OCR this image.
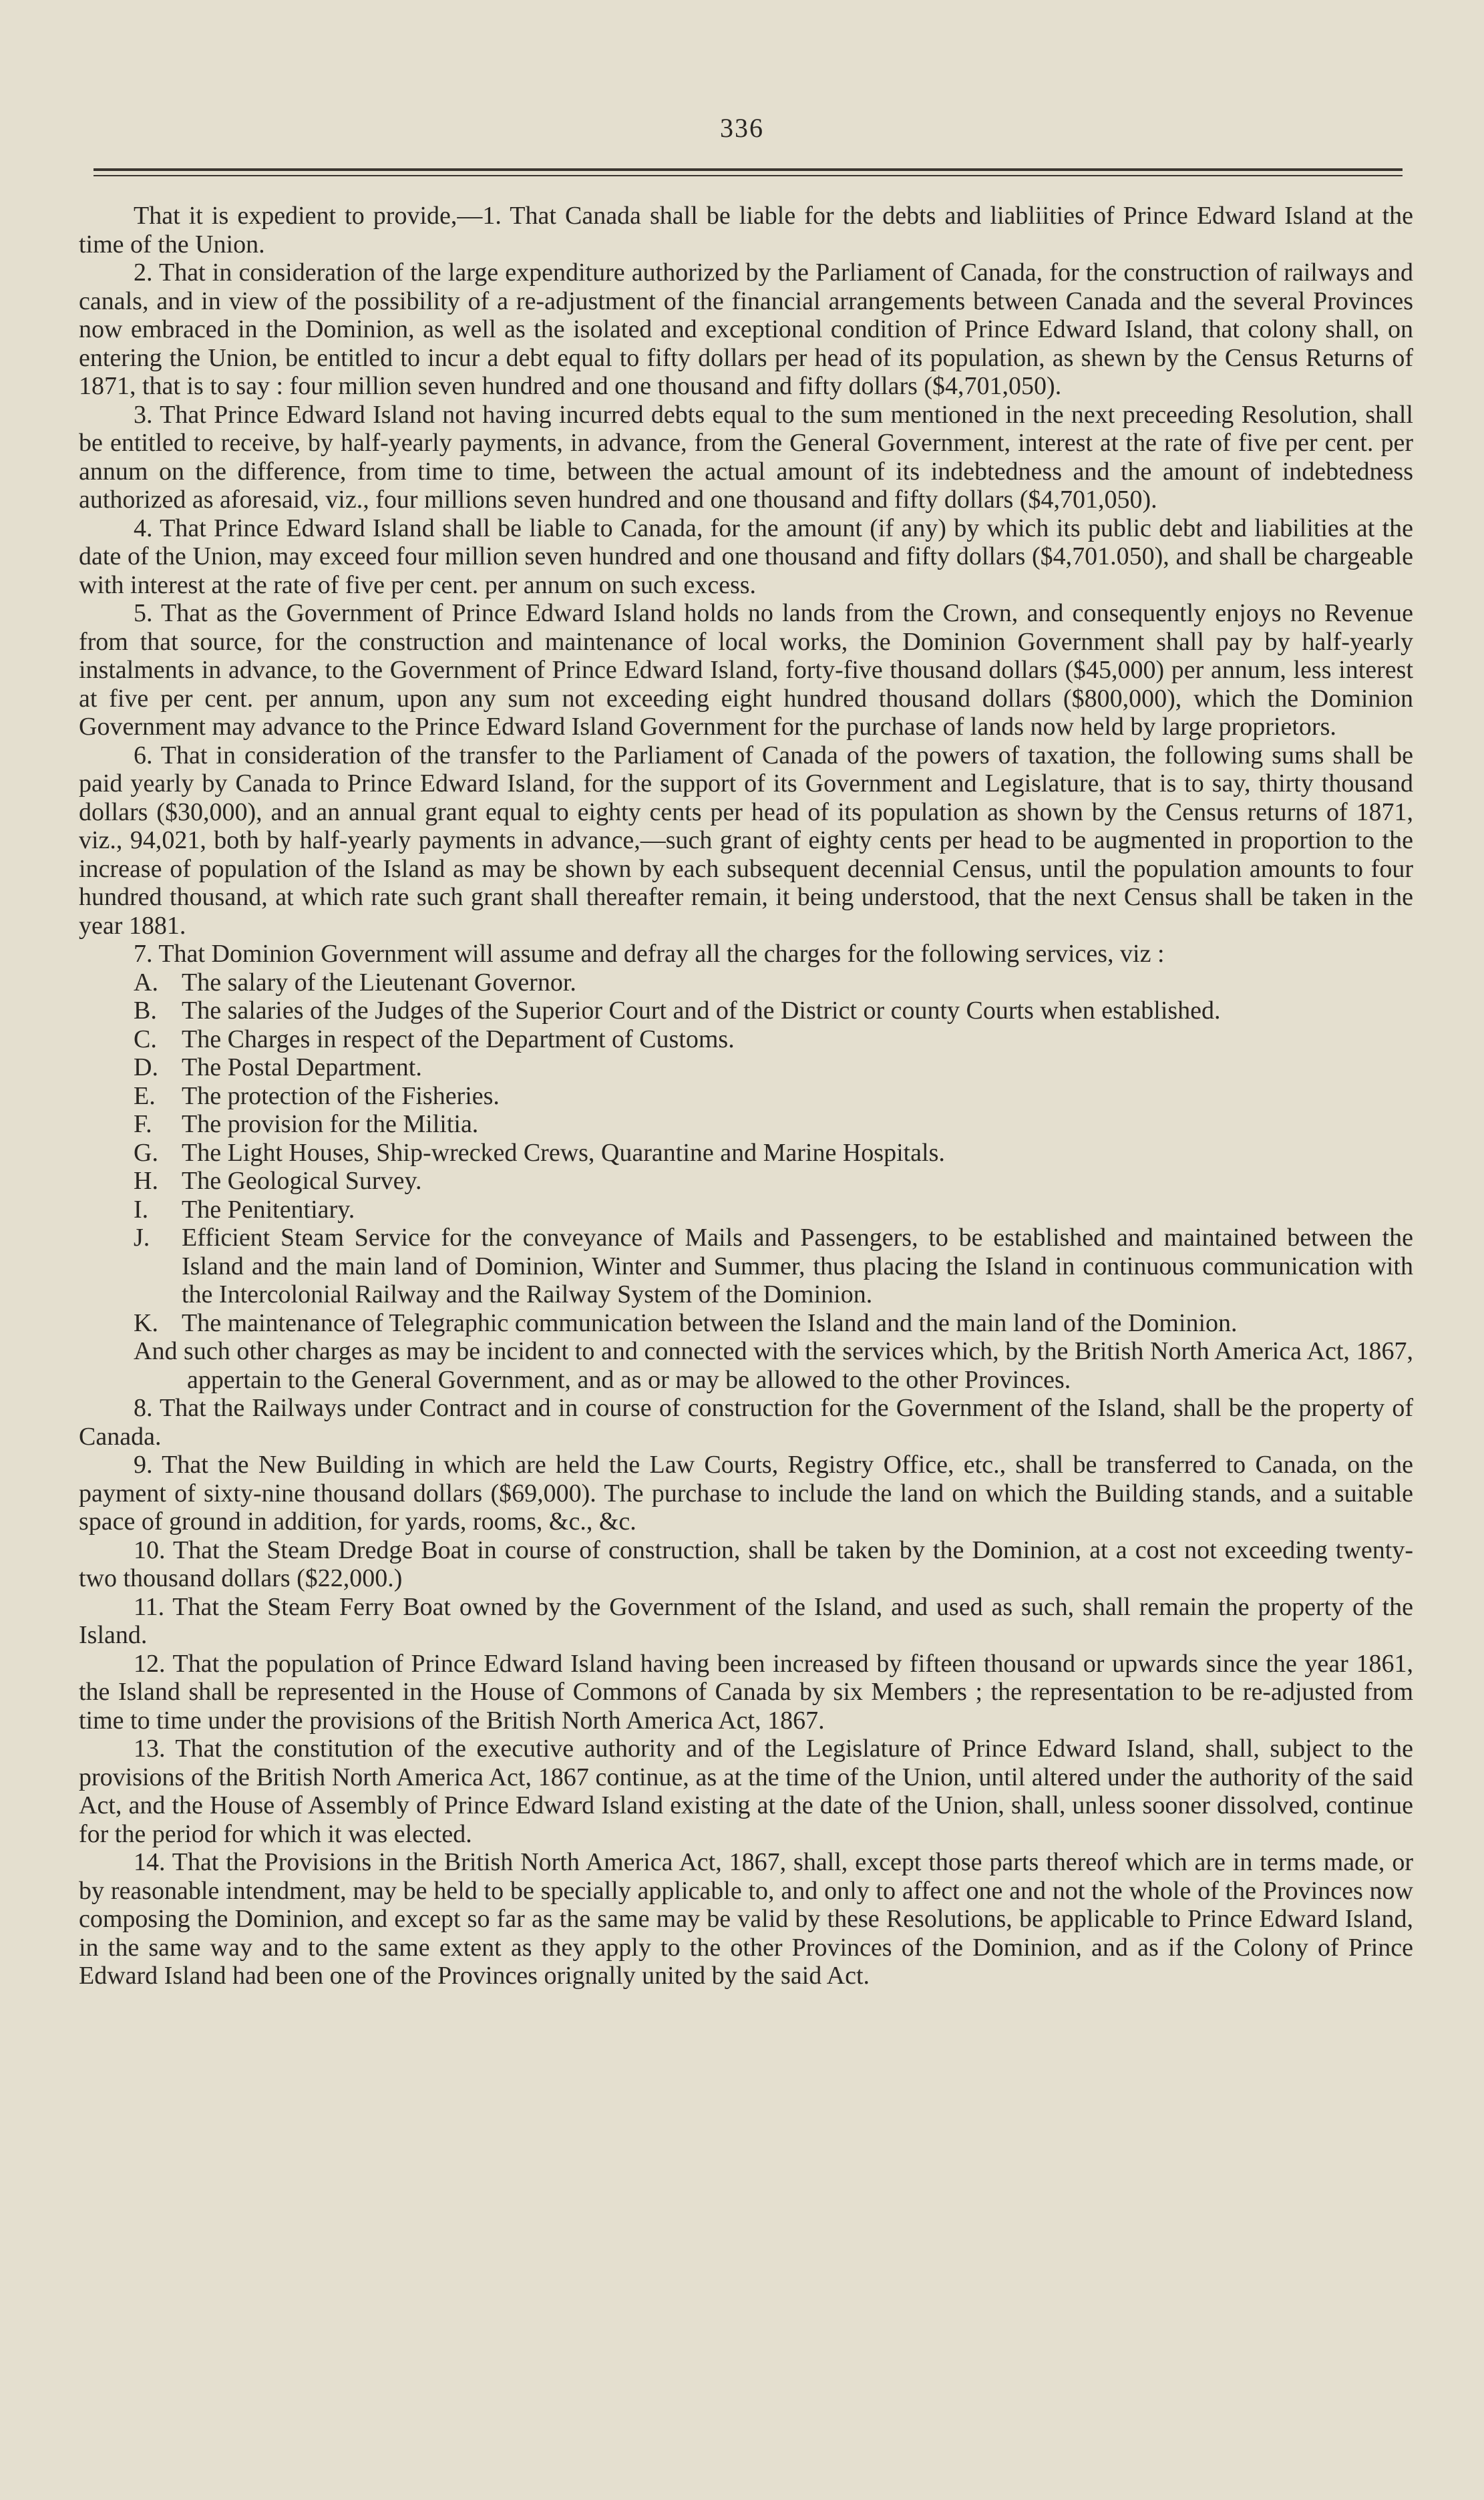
336

That it is expedient to provide,—1. That Canada shall be liable for the debts and liabliities of Prince Edward Island at the time of the Union.

2. That in consideration of the large expenditure authorized by the Parliament of Canada, for the construction of railways and canals, and in view of the possibility of a re-adjustment of the financial arrangements between Canada and the several Provinces now embraced in the Dominion, as well as the isolated and exceptional condition of Prince Edward Island, that colony shall, on entering the Union, be entitled to incur a debt equal to fifty dollars per head of its population, as shewn by the Census Returns of 1871, that is to say : four million seven hundred and one thousand and fifty dollars ($4,701,050).

3. That Prince Edward Island not having incurred debts equal to the sum mentioned in the next preceeding Resolution, shall be entitled to receive, by half-yearly payments, in advance, from the General Government, interest at the rate of five per cent. per annum on the difference, from time to time, between the actual amount of its indebtedness and the amount of indebtedness authorized as aforesaid, viz., four millions seven hundred and one thousand and fifty dollars ($4,701,050).

4. That Prince Edward Island shall be liable to Canada, for the amount (if any) by which its public debt and liabilities at the date of the Union, may exceed four million seven hundred and one thousand and fifty dollars ($4,701.050), and shall be chargeable with interest at the rate of five per cent. per annum on such excess.

5. That as the Government of Prince Edward Island holds no lands from the Crown, and consequently enjoys no Revenue from that source, for the construction and maintenance of local works, the Dominion Government shall pay by half-yearly instalments in advance, to the Government of Prince Edward Island, forty-five thousand dollars ($45,000) per annum, less interest at five per cent. per annum, upon any sum not exceeding eight hundred thousand dollars ($800,000), which the Dominion Government may advance to the Prince Edward Island Government for the purchase of lands now held by large proprietors.

6. That in consideration of the transfer to the Parliament of Canada of the powers of taxation, the following sums shall be paid yearly by Canada to Prince Edward Island, for the support of its Government and Legislature, that is to say, thirty thousand dollars ($30,000), and an annual grant equal to eighty cents per head of its population as shown by the Census returns of 1871, viz., 94,021, both by half-yearly payments in advance,—such grant of eighty cents per head to be augmented in proportion to the increase of population of the Island as may be shown by each subsequent decennial Census, until the population amounts to four hundred thousand, at which rate such grant shall thereafter remain, it being understood, that the next Census shall be taken in the year 1881.

7. That Dominion Government will assume and defray all the charges for the following services, viz :

A. The salary of the Lieutenant Governor.
B. The salaries of the Judges of the Superior Court and of the District or county Courts when established.
C. The Charges in respect of the Department of Customs.
D. The Postal Department.
E.	The protection of the Fisheries.
F.	The provision for the Militia.
G. The Light Houses, Ship-wrecked Crews, Quarantine and Marine Hospitals.
H. The Geological Survey.
I.	The Penitentiary.
J.	Efficient Steam Service for the conveyance of Mails and Passengers, to be established and maintained between the Island and the main land of Dominion, Winter and Summer, thus placing the Island in continuous communication with the Intercolonial Railway and the Railway System of the Dominion.
K. The maintenance of Telegraphic communication between the Island and the main land of the Dominion.

And such other charges as may be incident to and connected with the services which, by the British North America Act, 1867, appertain to the General Government, and as or may be allowed to the other Provinces.

8. That the Railways under Contract and in course of construction for the Government of the Island, shall be the property of Canada.

9. That the New Building in which are held the Law Courts, Registry Office, etc., shall be transferred to Canada, on the payment of sixty-nine thousand dollars ($69,000). The purchase to include the land on which the Building stands, and a suitable space of ground in addition, for yards, rooms, &c., &c.

10. That the Steam Dredge Boat in course of construction, shall be taken by the Dominion, at a cost not exceeding twenty-two thousand dollars ($22,000.)

11. That the Steam Ferry Boat owned by the Government of the Island, and used as such, shall remain the property of the Island.

12. That the population of Prince Edward Island having been increased by fifteen thousand or upwards since the year 1861, the Island shall be represented in the House of Commons of Canada by six Members ; the representation to be re-adjusted from time to time under the provisions of the British North America Act, 1867.

13. That the constitution of the executive authority and of the Legislature of Prince Edward Island, shall, subject to the provisions of the British North America Act, 1867 continue, as at the time of the Union, until altered under the authority of the said Act, and the House of Assembly of Prince Edward Island existing at the date of the Union, shall, unless sooner dissolved, continue for the period for which it was elected.

14. That the Provisions in the British North America Act, 1867, shall, except those parts thereof which are in terms made, or by reasonable intendment, may be held to be specially applicable to, and only to affect one and not the whole of the Provinces now composing the Dominion, and except so far as the same may be valid by these Resolutions, be applicable to Prince Edward Island, in the same way and to the same extent as they apply to the other Provinces of the Dominion, and as if the Colony of Prince Edward Island had been one of the Provinces orignally united by the said Act.
